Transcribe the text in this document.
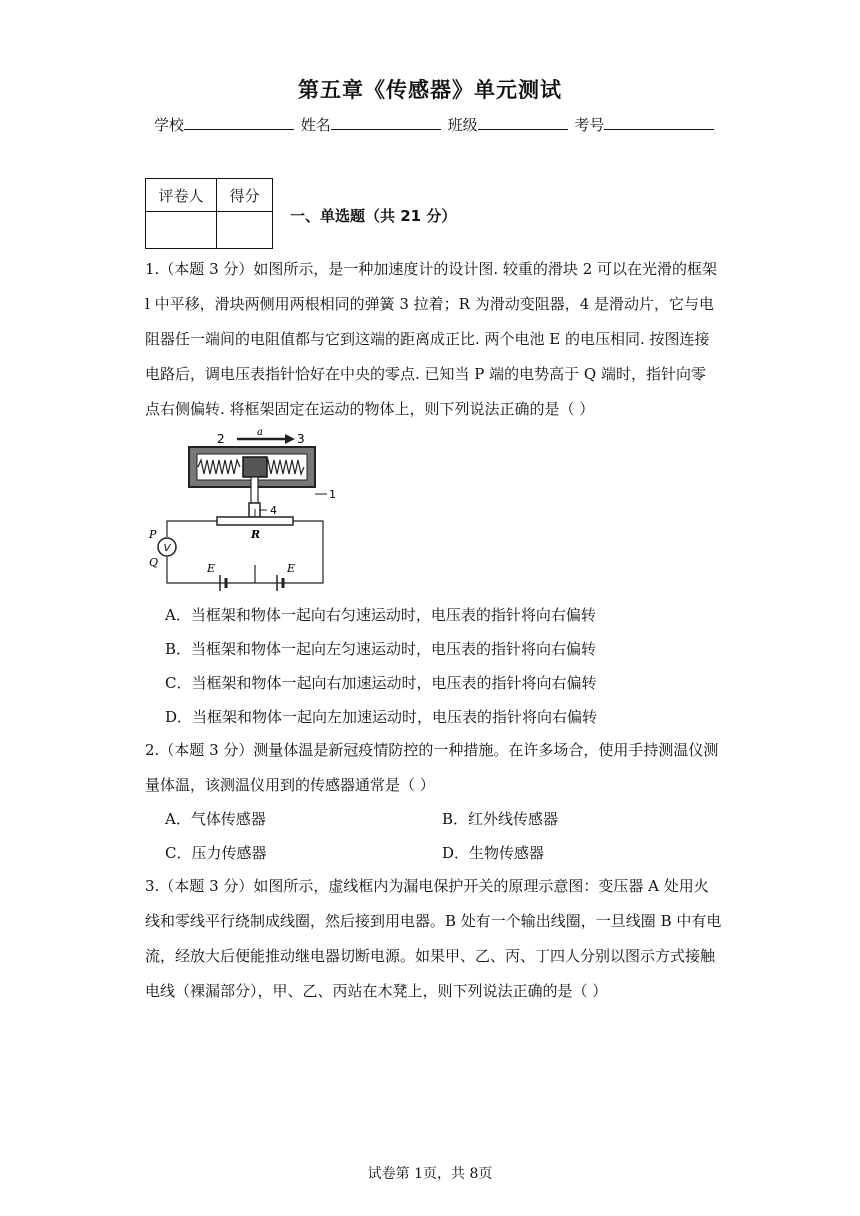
第五章《传感器》单元测试
学校	姓名	班级	考号
评卷人	得分

一、单选题（共 21 分）
1.（本题 3 分）如图所示，是一种加速度计的设计图. 较重的滑块 2 可以在光滑的框架
l 中平移，滑块两侧用两根相同的弹簧 3 拉着；R 为滑动变阻器，4 是滑动片，它与电
阻器任一端间的电阻值都与它到这端的距离成正比. 两个电池 E 的电压相同. 按图连接
电路后，调电压表指针恰好在中央的零点. 已知当 P 端的电势高于 Q 端时，指针向零
点右侧偏转. 将框架固定在运动的物体上，则下列说法正确的是（ ）
V
2	a	3
1
4
R
P
Q	E	E
A．当框架和物体一起向右匀速运动时，电压表的指针将向右偏转
B．当框架和物体一起向左匀速运动时，电压表的指针将向右偏转
C．当框架和物体一起向右加速运动时，电压表的指针将向右偏转
D．当框架和物体一起向左加速运动时，电压表的指针将向右偏转
2.（本题 3 分）测量体温是新冠疫情防控的一种措施。在许多场合，使用手持测温仪测
量体温，该测温仪用到的传感器通常是（ ）
A．气体传感器	B．红外线传感器
C．压力传感器	D．生物传感器
3.（本题 3 分）如图所示，虚线框内为漏电保护开关的原理示意图：变压器 A 处用火
线和零线平行绕制成线圈，然后接到用电器。B 处有一个输出线圈，一旦线圈 B 中有电
流，经放大后便能推动继电器切断电源。如果甲、乙、丙、丁四人分别以图示方式接触
电线（裸漏部分），甲、乙、丙站在木凳上，则下列说法正确的是（ ）
试卷第 1页，共 8页
